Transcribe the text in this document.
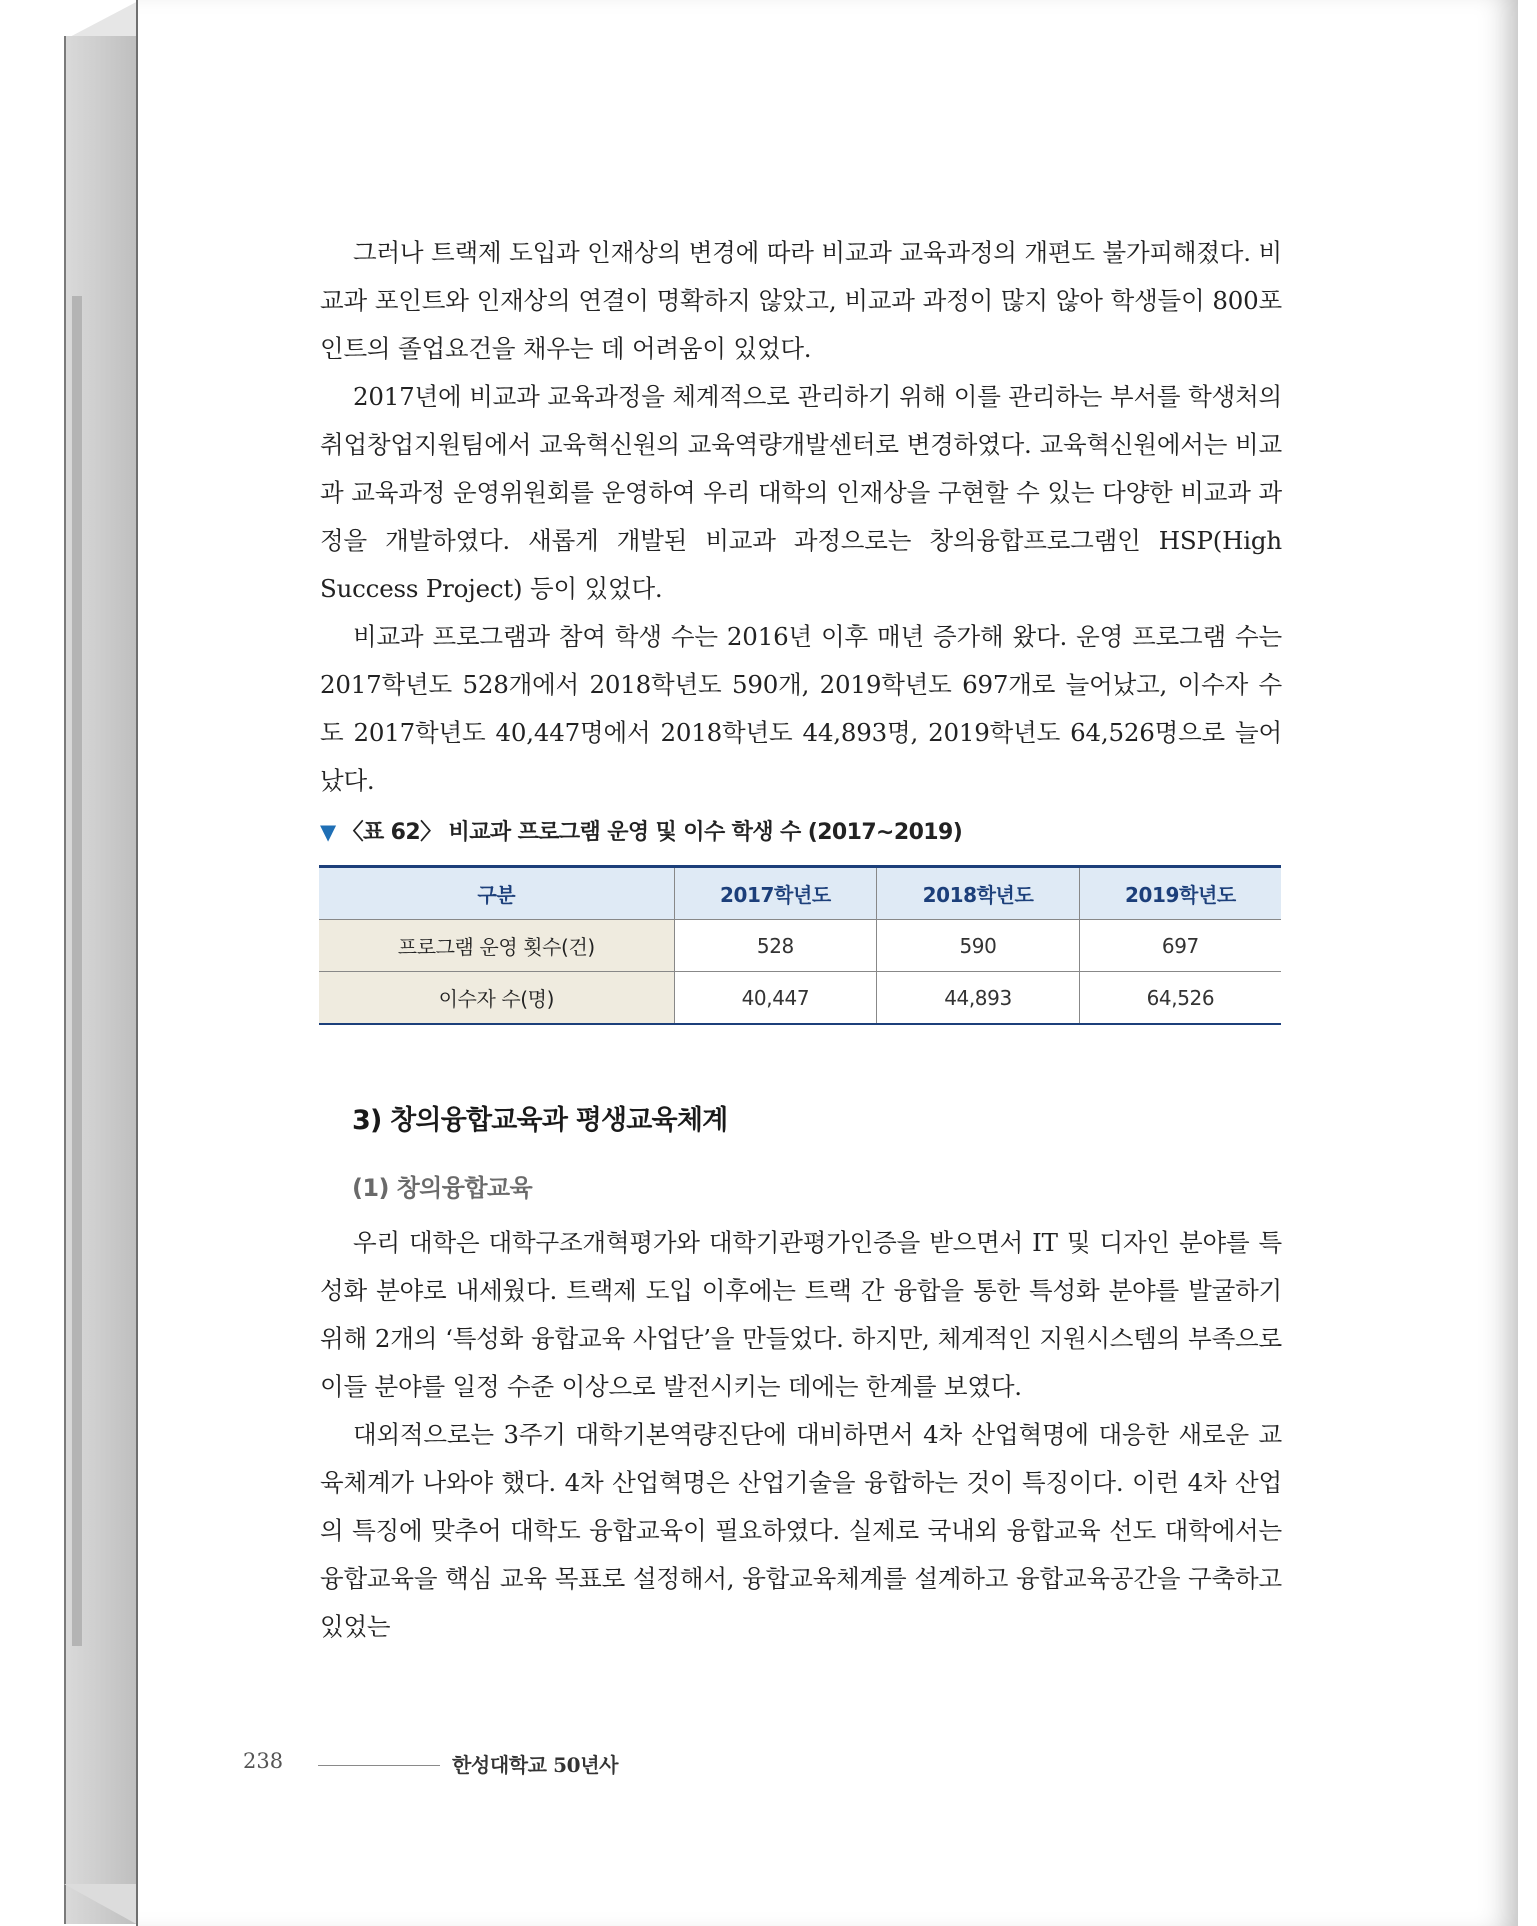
그러나 트랙제 도입과 인재상의 변경에 따라 비교과 교육과정의 개편도 불가피해졌다. 비교과 포인트와 인재상의 연결이 명확하지 않았고, 비교과 과정이 많지 않아 학생들이 800포인트의 졸업요건을 채우는 데 어려움이 있었다.

2017년에 비교과 교육과정을 체계적으로 관리하기 위해 이를 관리하는 부서를 학생처의 취업창업지원팀에서 교육혁신원의 교육역량개발센터로 변경하였다. 교육혁신원에서는 비교과 교육과정 운영위원회를 운영하여 우리 대학의 인재상을 구현할 수 있는 다양한 비교과 과정을 개발하였다. 새롭게 개발된 비교과 과정으로는 창의융합프로그램인 HSP(High Success Project) 등이 있었다.

비교과 프로그램과 참여 학생 수는 2016년 이후 매년 증가해 왔다. 운영 프로그램 수는 2017학년도 528개에서 2018학년도 590개, 2019학년도 697개로 늘어났고, 이수자 수도 2017학년도 40,447명에서 2018학년도 44,893명, 2019학년도 64,526명으로 늘어났다.

▼ 〈표 62〉 비교과 프로그램 운영 및 이수 학생 수 (2017∼2019)
구분	2017학년도	2018학년도	2019학년도
프로그램 운영 횟수(건)	528	590	697
이수자 수(명)	40,447	44,893	64,526
3) 창의융합교육과 평생교육체계
(1) 창의융합교육

우리 대학은 대학구조개혁평가와 대학기관평가인증을 받으면서 IT 및 디자인 분야를 특성화 분야로 내세웠다. 트랙제 도입 이후에는 트랙 간 융합을 통한 특성화 분야를 발굴하기 위해 2개의 ‘특성화 융합교육 사업단’을 만들었다. 하지만, 체계적인 지원시스템의 부족으로 이들 분야를 일정 수준 이상으로 발전시키는 데에는 한계를 보였다.

대외적으로는 3주기 대학기본역량진단에 대비하면서 4차 산업혁명에 대응한 새로운 교육체계가 나와야 했다. 4차 산업혁명은 산업기술을 융합하는 것이 특징이다. 이런 4차 산업의 특징에 맞추어 대학도 융합교육이 필요하였다. 실제로 국내외 융합교육 선도 대학에서는 융합교육을 핵심 교육 목표로 설정해서, 융합교육체계를 설계하고 융합교육공간을 구축하고 있었는

238	한성대학교 50년사
